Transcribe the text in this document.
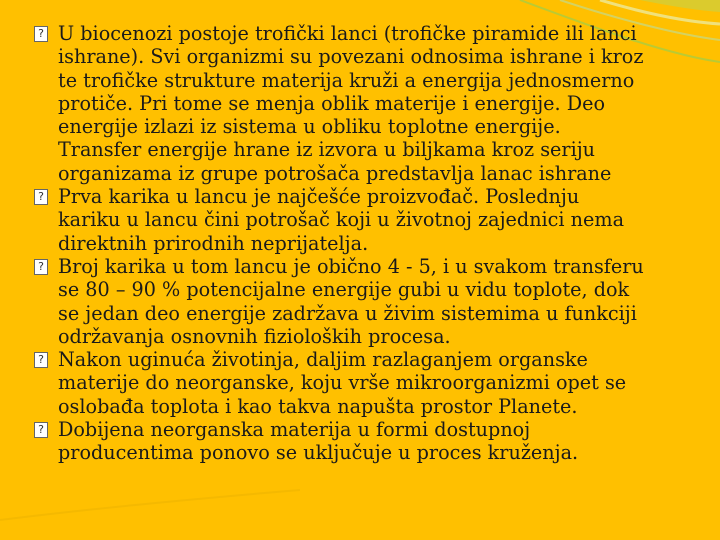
? U biocenozi postoje trofički lanci (trofičke piramide ili lanci ishrane). Svi organizmi su povezani odnosima ishrane i kroz te trofičke strukture materija kruži a energija jednosmerno protiče. Pri tome se menja oblik materije i energije. Deo energije izlazi iz sistema u obliku toplotne energije. Transfer energije hrane iz izvora u biljkama kroz seriju organizama iz grupe potrošača predstavlja lanac ishrane

? Prva karika u lancu je najčešće proizvođač. Poslednju kariku u lancu čini potrošač koji u životnoj zajednici nema direktnih prirodnih neprijatelja.

? Broj karika u tom lancu je obično 4 - 5, i u svakom transferu se 80 – 90 % potencijalne energije gubi u vidu toplote, dok se jedan deo energije zadržava u živim sistemima u funkciji održavanja osnovnih fizioloških procesa.

? Nakon uginuća životinja, daljim razlaganjem organske materije do neorganske, koju vrše mikroorganizmi opet se oslobađa toplota i kao takva napušta prostor Planete.

? Dobijena neorganska materija u formi dostupnoj producentima ponovo se uključuje u proces kruženja.
